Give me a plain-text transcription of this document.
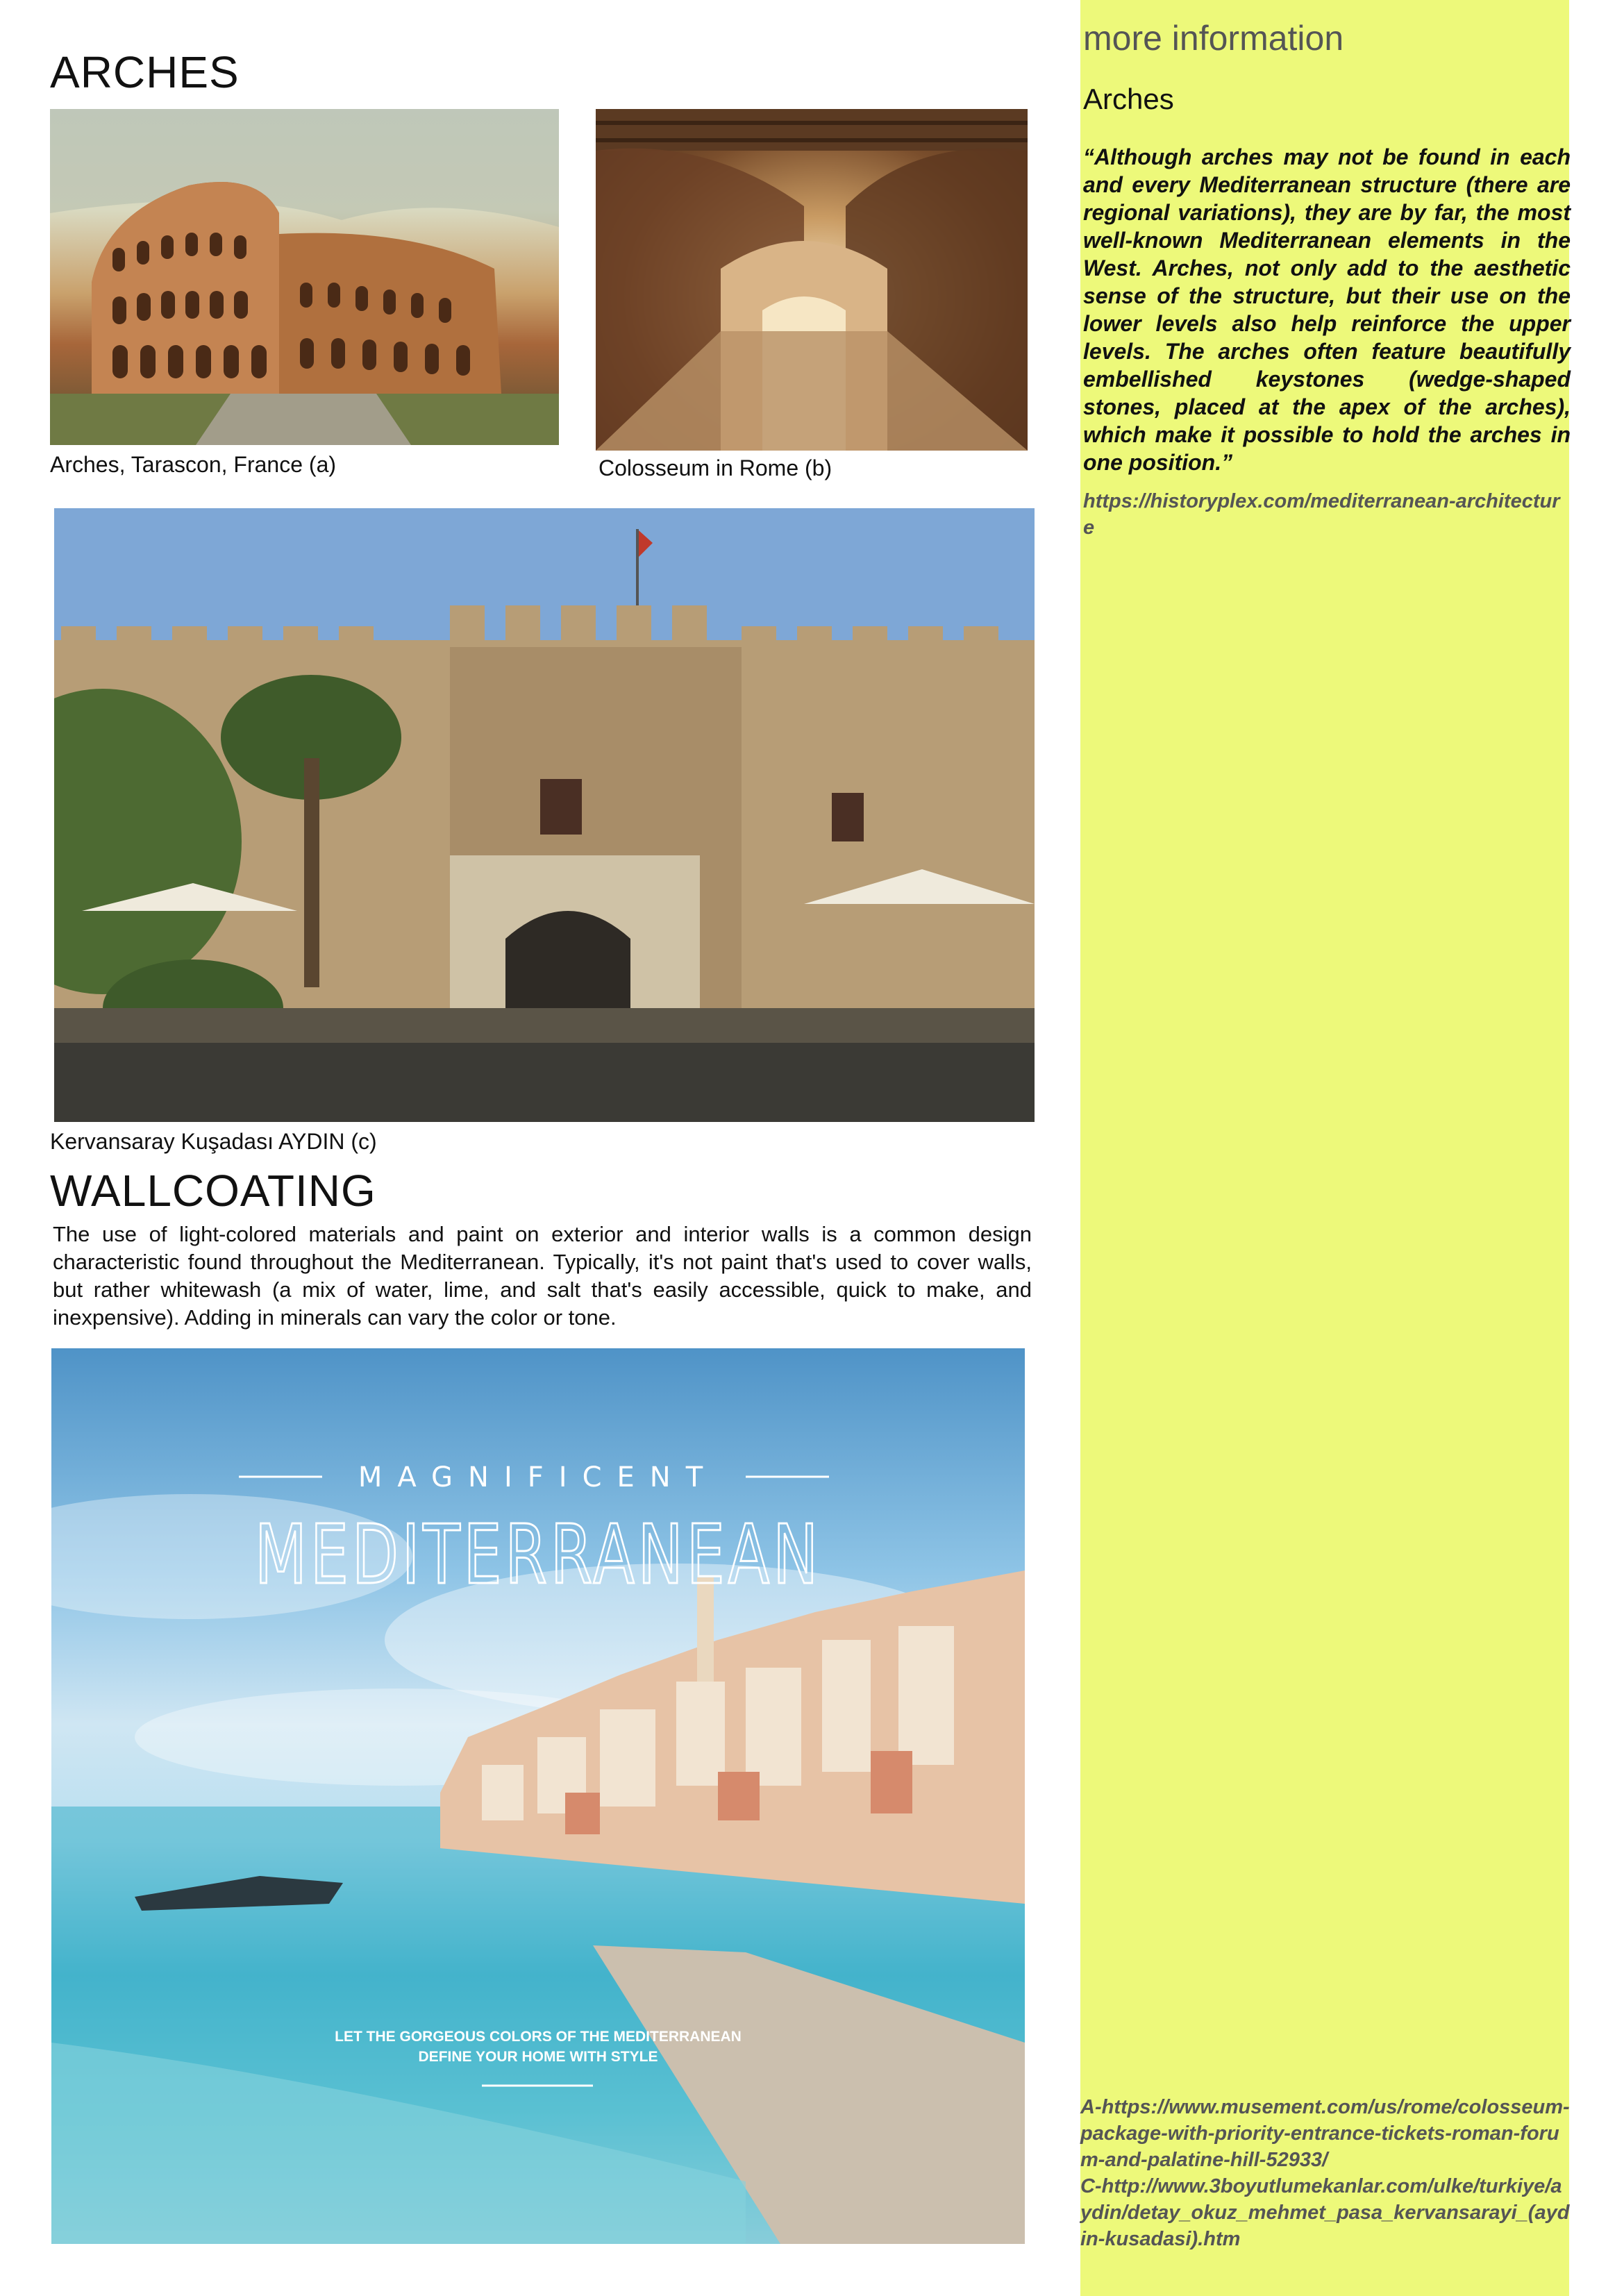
ARCHES
Arches, Tarascon, France (a)	Colosseum in Rome (b)
Kervansaray Kuşadası AYDIN (c)
WALLCOATING
The use of light-colored materials and paint on exterior and interior walls is a common design characteristic found throughout the Mediterranean. Typically, it's not paint that's used to cover walls, but rather whitewash (a mix of water, lime, and salt that's easily accessible, quick to make, and inexpensive). Adding in minerals can vary the color or tone.
MAGNIFICENT
MEDITERRANEAN
LET THE GORGEOUS COLORS OF THE MEDITERRANEAN
DEFINE YOUR HOME WITH STYLE
more information
Arches
“Although arches may not be found in each and every Mediterranean structure (there are regional variations), they are by far, the most well-known Mediterranean elements in the West. Arches, not only add to the aesthetic sense of the structure, but their use on the lower levels also help reinforce the upper levels. The arches often feature beautifully embellished keystones (wedge-shaped stones, placed at the apex of the arches), which make it possible to hold the arches in one position.”
https://historyplex.com/mediterranean-architecture
A-https://www.musement.com/us/rome/colosseum-package-with-priority-entrance-tickets-roman-forum-and-palatine-hill-52933/
C-http://www.3boyutlumekanlar.com/ulke/turkiye/aydin/detay_okuz_mehmet_pasa_kervansarayi_(aydin-kusadasi).htm
